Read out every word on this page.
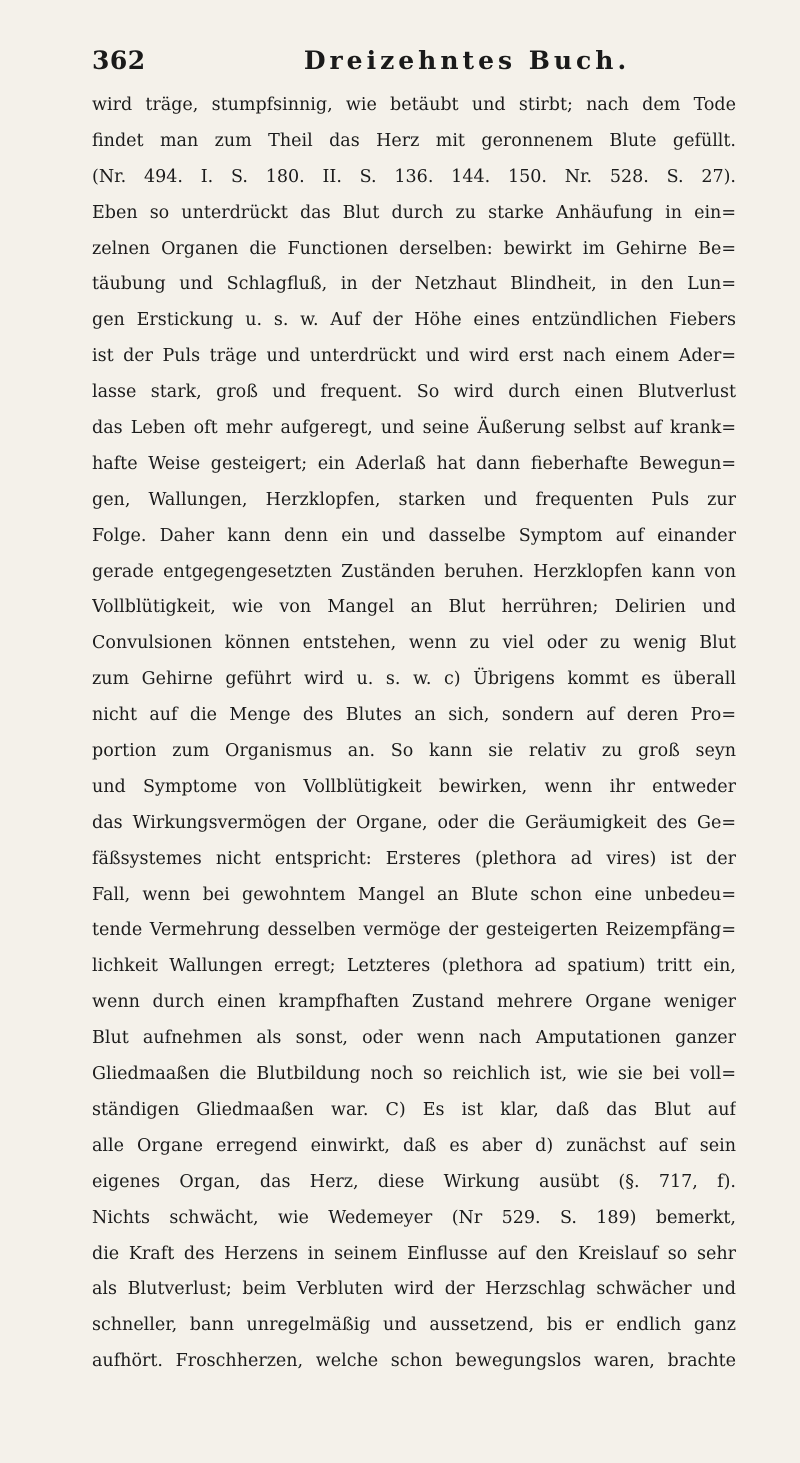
362	Dreizehntes Buch.
wird träge, stumpfsinnig, wie betäubt und stirbt; nach dem Tode
findet man zum Theil das Herz mit geronnenem Blute gefüllt.
(Nr. 494. I. S. 180. II. S. 136. 144. 150. Nr. 528. S. 27).
Eben so unterdrückt das Blut durch zu starke Anhäufung in ein=
zelnen Organen die Functionen derselben: bewirkt im Gehirne Be=
täubung und Schlagfluß, in der Netzhaut Blindheit, in den Lun=
gen Erstickung u. s. w. Auf der Höhe eines entzündlichen Fiebers
ist der Puls träge und unterdrückt und wird erst nach einem Ader=
lasse stark, groß und frequent. So wird durch einen Blutverlust
das Leben oft mehr aufgeregt, und seine Äußerung selbst auf krank=
hafte Weise gesteigert; ein Aderlaß hat dann fieberhafte Bewegun=
gen, Wallungen, Herzklopfen, starken und frequenten Puls zur
Folge. Daher kann denn ein und dasselbe Symptom auf einander
gerade entgegengesetzten Zuständen beruhen. Herzklopfen kann von
Vollblütigkeit, wie von Mangel an Blut herrühren; Delirien und
Convulsionen können entstehen, wenn zu viel oder zu wenig Blut
zum Gehirne geführt wird u. s. w. c) Übrigens kommt es überall
nicht auf die Menge des Blutes an sich, sondern auf deren Pro=
portion zum Organismus an. So kann sie relativ zu groß seyn
und Symptome von Vollblütigkeit bewirken, wenn ihr entweder
das Wirkungsvermögen der Organe, oder die Geräumigkeit des Ge=
fäßsystemes nicht entspricht: Ersteres (plethora ad vires) ist der
Fall, wenn bei gewohntem Mangel an Blute schon eine unbedeu=
tende Vermehrung desselben vermöge der gesteigerten Reizempfäng=
lichkeit Wallungen erregt; Letzteres (plethora ad spatium) tritt ein,
wenn durch einen krampfhaften Zustand mehrere Organe weniger
Blut aufnehmen als sonst, oder wenn nach Amputationen ganzer
Gliedmaaßen die Blutbildung noch so reichlich ist, wie sie bei voll=
ständigen Gliedmaaßen war. C) Es ist klar, daß das Blut auf
alle Organe erregend einwirkt, daß es aber d) zunächst auf sein
eigenes Organ, das Herz, diese Wirkung ausübt (§. 717, f).
Nichts schwächt, wie Wedemeyer (Nr 529. S. 189) bemerkt,
die Kraft des Herzens in seinem Einflusse auf den Kreislauf so sehr
als Blutverlust; beim Verbluten wird der Herzschlag schwächer und
schneller, bann unregelmäßig und aussetzend, bis er endlich ganz
aufhört. Froschherzen, welche schon bewegungslos waren, brachte
